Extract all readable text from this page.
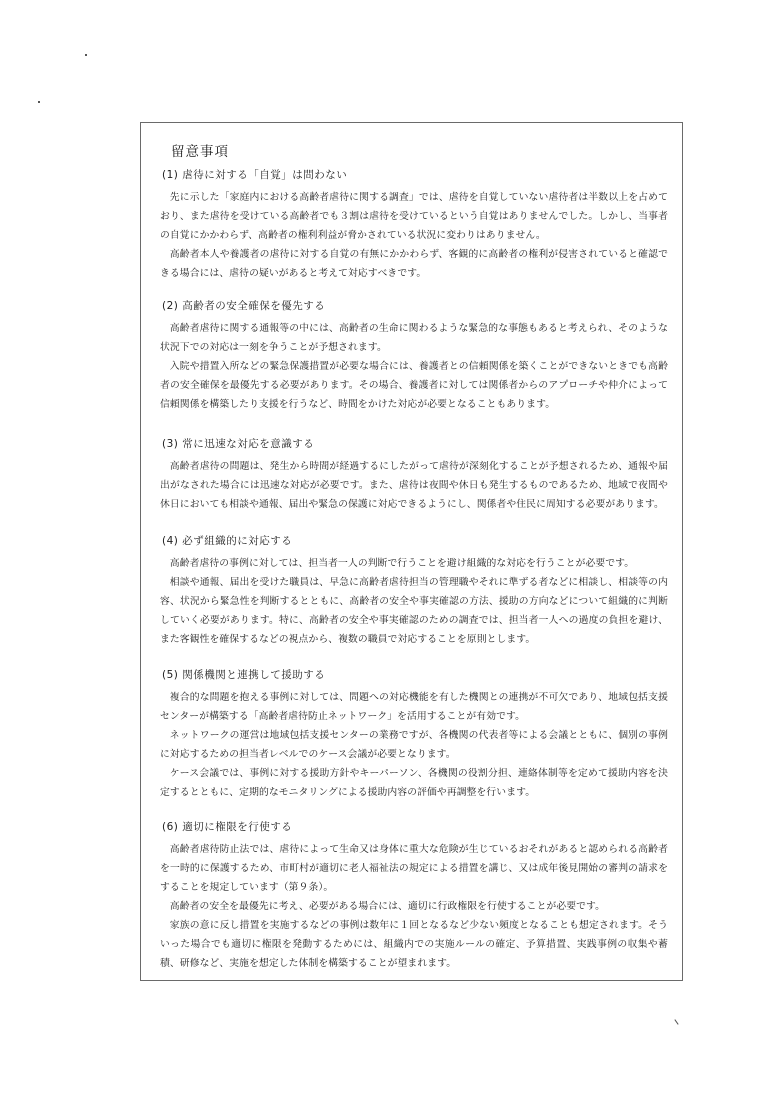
留意事項

(1) 虐待に対する「自覚」は問わない

先に示した「家庭内における高齢者虐待に関する調査」では、虐待を自覚していない虐待者は半数以上を占めており、また虐待を受けている高齢者でも３割は虐待を受けているという自覚はありませんでした。しかし、当事者の自覚にかかわらず、高齢者の権利利益が脅かされている状況に変わりはありません。

高齢者本人や養護者の虐待に対する自覚の有無にかかわらず、客観的に高齢者の権利が侵害されていると確認できる場合には、虐待の疑いがあると考えて対応すべきです。

(2) 高齢者の安全確保を優先する

高齢者虐待に関する通報等の中には、高齢者の生命に関わるような緊急的な事態もあると考えられ、そのような状況下での対応は一刻を争うことが予想されます。

入院や措置入所などの緊急保護措置が必要な場合には、養護者との信頼関係を築くことができないときでも高齢者の安全確保を最優先する必要があります。その場合、養護者に対しては関係者からのアプローチや仲介によって信頼関係を構築したり支援を行うなど、時間をかけた対応が必要となることもあります。

(3) 常に迅速な対応を意識する

高齢者虐待の問題は、発生から時間が経過するにしたがって虐待が深刻化することが予想されるため、通報や届出がなされた場合には迅速な対応が必要です。また、虐待は夜間や休日も発生するものであるため、地域で夜間や休日においても相談や通報、届出や緊急の保護に対応できるようにし、関係者や住民に周知する必要があります。

(4) 必ず組織的に対応する

高齢者虐待の事例に対しては、担当者一人の判断で行うことを避け組織的な対応を行うことが必要です。

相談や通報、届出を受けた職員は、早急に高齢者虐待担当の管理職やそれに準ずる者などに相談し、相談等の内容、状況から緊急性を判断するとともに、高齢者の安全や事実確認の方法、援助の方向などについて組織的に判断していく必要があります。特に、高齢者の安全や事実確認のための調査では、担当者一人への過度の負担を避け、また客観性を確保するなどの視点から、複数の職員で対応することを原則とします。

(5) 関係機関と連携して援助する

複合的な問題を抱える事例に対しては、問題への対応機能を有した機関との連携が不可欠であり、地域包括支援センターが構築する「高齢者虐待防止ネットワーク」を活用することが有効です。

ネットワークの運営は地域包括支援センターの業務ですが、各機関の代表者等による会議とともに、個別の事例に対応するための担当者レベルでのケース会議が必要となります。

ケース会議では、事例に対する援助方針やキーパーソン、各機関の役割分担、連絡体制等を定めて援助内容を決定するとともに、定期的なモニタリングによる援助内容の評価や再調整を行います。

(6) 適切に権限を行使する

高齢者虐待防止法では、虐待によって生命又は身体に重大な危険が生じているおそれがあると認められる高齢者を一時的に保護するため、市町村が適切に老人福祉法の規定による措置を講じ、又は成年後見開始の審判の請求をすることを規定しています（第９条）。

高齢者の安全を最優先に考え、必要がある場合には、適切に行政権限を行使することが必要です。

家族の意に反し措置を実施するなどの事例は数年に１回となるなど少ない頻度となることも想定されます。そういった場合でも適切に権限を発動するためには、組織内での実施ルールの確定、予算措置、実践事例の収集や蓄積、研修など、実施を想定した体制を構築することが望まれます。
